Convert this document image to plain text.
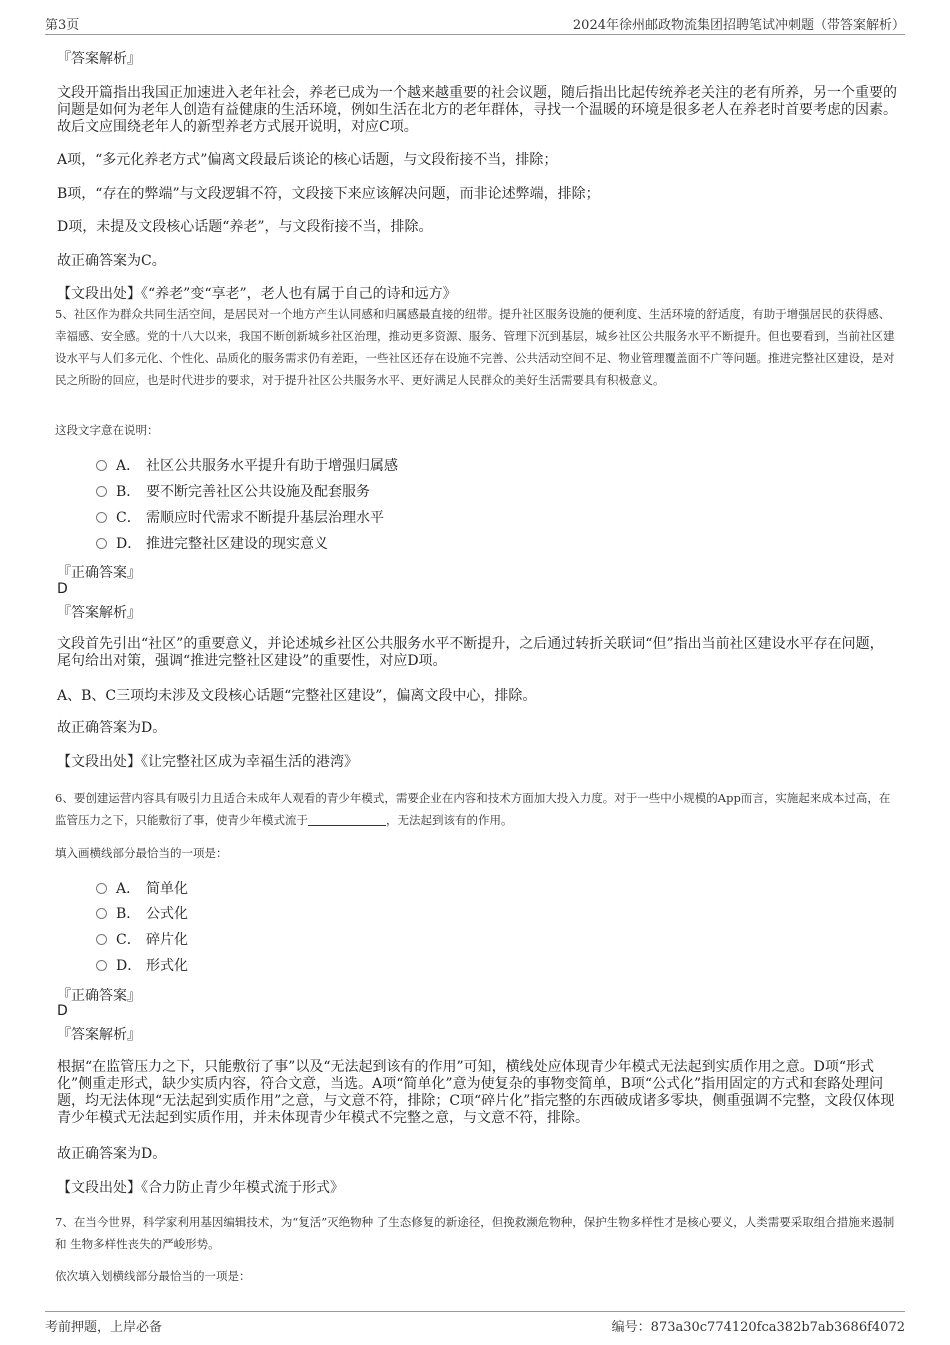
第3页	2024年徐州邮政物流集团招聘笔试冲刺题（带答案解析）
『答案解析』
文段开篇指出我国正加速进入老年社会，养老已成为一个越来越重要的社会议题，随后指出比起传统养老关注的老有所养，另一个重要的问题是如何为老年人创造有益健康的生活环境，例如生活在北方的老年群体，寻找一个温暖的环境是很多老人在养老时首要考虑的因素。故后文应围绕老年人的新型养老方式展开说明，对应C项。
A项，“多元化养老方式”偏离文段最后谈论的核心话题，与文段衔接不当，排除；
B项，“存在的弊端”与文段逻辑不符，文段接下来应该解决问题，而非论述弊端，排除；
D项，未提及文段核心话题“养老”，与文段衔接不当，排除。
故正确答案为C。
【文段出处】《“养老”变“享老”，老人也有属于自己的诗和远方》
5、社区作为群众共同生活空间，是居民对一个地方产生认同感和归属感最直接的纽带。提升社区服务设施的便利度、生活环境的舒适度，有助于增强居民的获得感、幸福感、安全感。党的十八大以来，我国不断创新城乡社区治理，推动更多资源、服务、管理下沉到基层，城乡社区公共服务水平不断提升。但也要看到，当前社区建设水平与人们多元化、个性化、品质化的服务需求仍有差距，一些社区还存在设施不完善、公共活动空间不足、物业管理覆盖面不广等问题。推进完整社区建设，是对民之所盼的回应，也是时代进步的要求，对于提升社区公共服务水平、更好满足人民群众的美好生活需要具有积极意义。
这段文字意在说明：
A． 社区公共服务水平提升有助于增强归属感
B． 要不断完善社区公共设施及配套服务
C． 需顺应时代需求不断提升基层治理水平
D． 推进完整社区建设的现实意义
『正确答案』
D
『答案解析』
文段首先引出“社区”的重要意义，并论述城乡社区公共服务水平不断提升，之后通过转折关联词“但”指出当前社区建设水平存在问题，尾句给出对策，强调“推进完整社区建设”的重要性，对应D项。
A、B、C三项均未涉及文段核心话题“完整社区建设”，偏离文段中心，排除。
故正确答案为D。
【文段出处】《让完整社区成为幸福生活的港湾》
6、要创建运营内容具有吸引力且适合未成年人观看的青少年模式，需要企业在内容和技术方面加大投入力度。对于一些中小规模的App而言，实施起来成本过高，在监管压力之下，只能敷衍了事，使青少年模式流于	，无法起到该有的作用。
填入画横线部分最恰当的一项是：
A． 简单化
B． 公式化
C． 碎片化
D． 形式化
『正确答案』
D
『答案解析』
根据“在监管压力之下，只能敷衍了事”以及“无法起到该有的作用”可知，横线处应体现青少年模式无法起到实质作用之意。D项“形式化”侧重走形式，缺少实质内容，符合文意，当选。A项“简单化”意为使复杂的事物变简单，B项“公式化”指用固定的方式和套路处理问题，均无法体现“无法起到实质作用”之意，与文意不符，排除；C项“碎片化”指完整的东西破成诸多零块，侧重强调不完整，文段仅体现青少年模式无法起到实质作用，并未体现青少年模式不完整之意，与文意不符，排除。
故正确答案为D。
【文段出处】《合力防止青少年模式流于形式》
7、在当今世界，科学家利用基因编辑技术，为“复活”灭绝物种 了生态修复的新途径，但挽救濒危物种，保护生物多样性才是核心要义，人类需要采取组合措施来遏制和 生物多样性丧失的严峻形势。
依次填入划横线部分最恰当的一项是：
考前押题，上岸必备	编号：873a30c774120fca382b7ab3686f4072
